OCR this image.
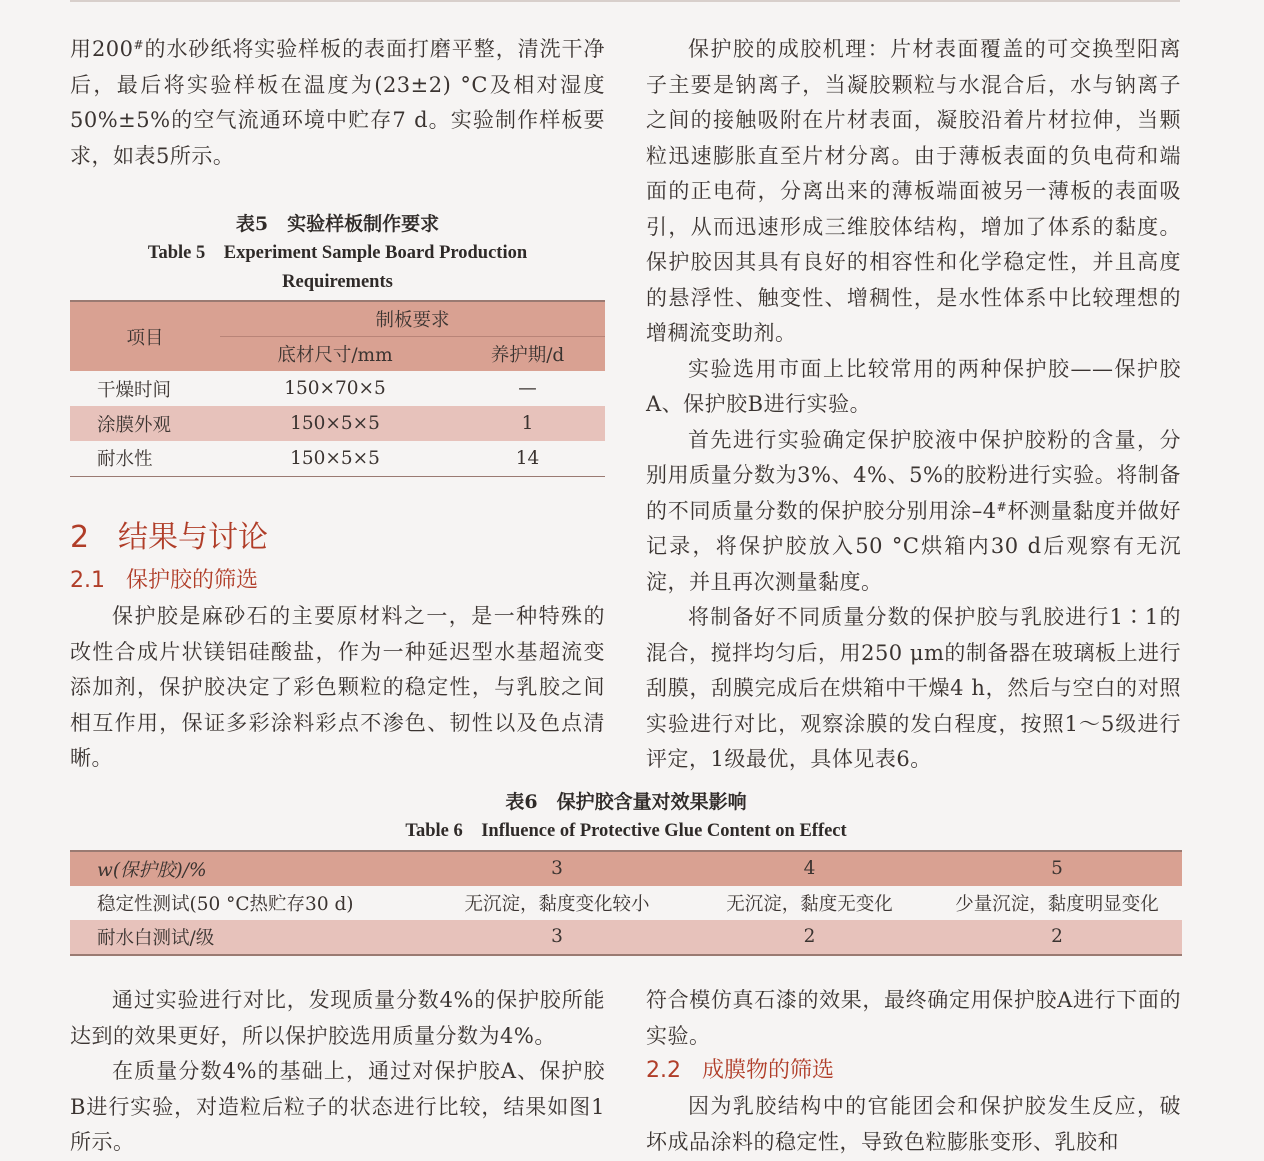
用200#的水砂纸将实验样板的表面打磨平整，清洗干净后，最后将实验样板在温度为(23±2) °C及相对湿度50%±5%的空气流通环境中贮存7 d。实验制作样板要求，如表5所示。

表5　实验样板制作要求
Table 5　Experiment Sample Board Production Requirements
项目	制板要求	
	底材尺寸/mm	养护期/d
干燥时间	150×70×5	—
涂膜外观	150×5×5	1
耐水性	150×5×5	14
2 结果与讨论
2.1 保护胶的筛选

保护胶是麻砂石的主要原材料之一，是一种特殊的改性合成片状镁铝硅酸盐，作为一种延迟型水基超流变添加剂，保护胶决定了彩色颗粒的稳定性，与乳胶之间相互作用，保证多彩涂料彩点不渗色、韧性以及色点清晰。

保护胶的成胶机理：片材表面覆盖的可交换型阳离子主要是钠离子，当凝胶颗粒与水混合后，水与钠离子之间的接触吸附在片材表面，凝胶沿着片材拉伸，当颗粒迅速膨胀直至片材分离。由于薄板表面的负电荷和端面的正电荷，分离出来的薄板端面被另一薄板的表面吸引，从而迅速形成三维胶体结构，增加了体系的黏度。保护胶因其具有良好的相容性和化学稳定性，并且高度的悬浮性、触变性、增稠性，是水性体系中比较理想的增稠流变助剂。

实验选用市面上比较常用的两种保护胶——保护胶A、保护胶B进行实验。

首先进行实验确定保护胶液中保护胶粉的含量，分别用质量分数为3%、4%、5%的胶粉进行实验。将制备的不同质量分数的保护胶分别用涂–4#杯测量黏度并做好记录，将保护胶放入50 °C烘箱内30 d后观察有无沉淀，并且再次测量黏度。

将制备好不同质量分数的保护胶与乳胶进行1∶1的混合，搅拌均匀后，用250 μm的制备器在玻璃板上进行刮膜，刮膜完成后在烘箱中干燥4 h，然后与空白的对照实验进行对比，观察涂膜的发白程度，按照1～5级进行评定，1级最优，具体见表6。

表6　保护胶含量对效果影响
Table 6　Influence of Protective Glue Content on Effect
w(保护胶)/%	3	4	5
稳定性测试(50 °C热贮存30 d)	无沉淀，黏度变化较小	无沉淀，黏度无变化	少量沉淀，黏度明显变化
耐水白测试/级	3	2	2

通过实验进行对比，发现质量分数4%的保护胶所能达到的效果更好，所以保护胶选用质量分数为4%。

在质量分数4%的基础上，通过对保护胶A、保护胶B进行实验，对造粒后粒子的状态进行比较，结果如图1所示。

符合模仿真石漆的效果，最终确定用保护胶A进行下面的实验。

2.2 成膜物的筛选

因为乳胶结构中的官能团会和保护胶发生反应，破坏成品涂料的稳定性，导致色粒膨胀变形、乳胶和
